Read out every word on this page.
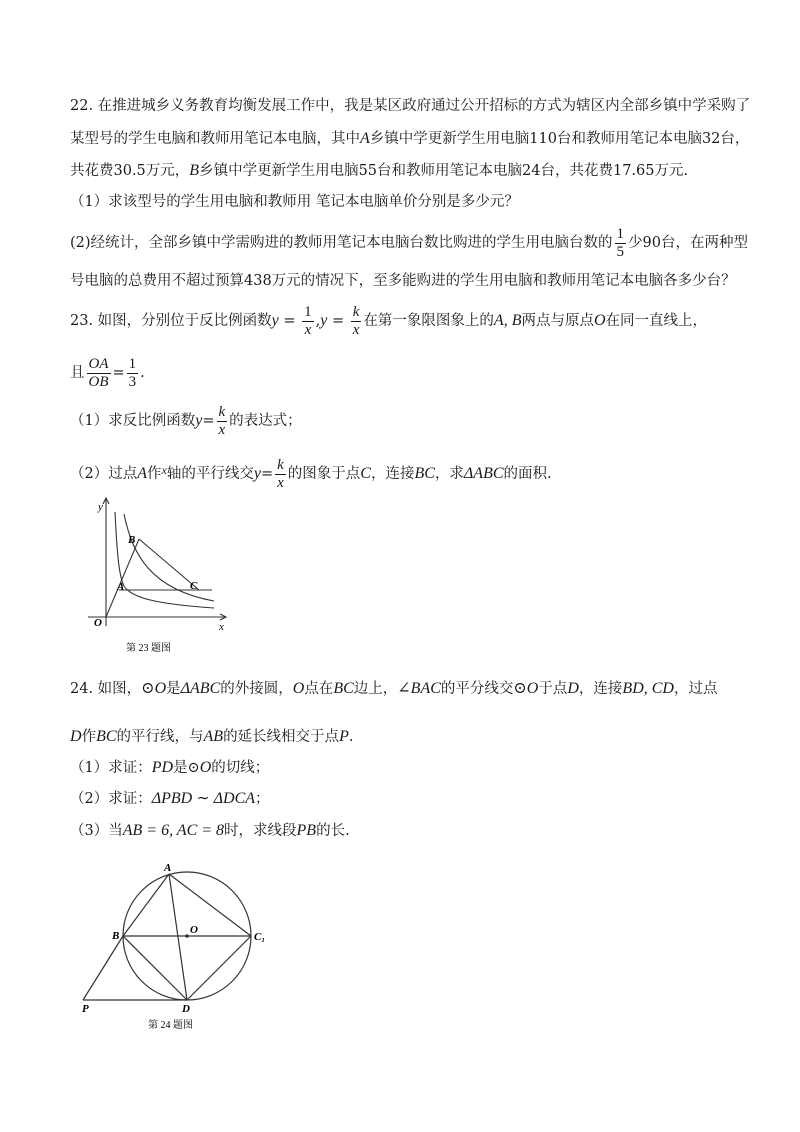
22. 在推进城乡义务教育均衡发展工作中，我是某区政府通过公开招标的方式为辖区内全部乡镇中学采购了
某型号的学生电脑和教师用笔记本电脑，其中A乡镇中学更新学生用电脑110台和教师用笔记本电脑32台，
共花费30.5万元，B乡镇中学更新学生用电脑55台和教师用笔记本电脑24台，共花费17.65万元.
（1）求该型号的学生用电脑和教师用 笔记本电脑单价分别是多少元？
(2)经统计，全部乡镇中学需购进的教师用笔记本电脑台数比购进的学生用电脑台数的 $\frac{1}{5}$ 少90台，在两种型
号电脑的总费用不超过预算438万元的情况下，至多能购进的学生用电脑和教师用笔记本电脑各多少台？
23. 如图，分别位于反比例函数$y = \frac{1}{x} ,y = \frac{k}{x}$ 在第一象限图象上的A, B两点与原点O在同一直线上，
且 $\frac{OA}{OB} = \frac{1}{3}$ .
（1）求反比例函数$y= \frac{k}{x}$ 的表达式；
（2）过点A作$^x$轴的平行线交$y= \frac{k}{x}$ 的图象于点C，连接BC，求ΔABC的面积.
y
B
A	C
O	x
第 23 题图
24. 如图，⊙O是ΔABC的外接圆，O点在BC边上，∠BAC的平分线交⊙O于点D，连接BD, CD，过点
D作BC的平行线，与AB的延长线相交于点P.
（1）求证：PD是⊙O的切线；
（2）求证：ΔPBD ∼ ΔDCA；
（3）当AB = 6, AC = 8时，求线段PB的长.
A
B	O
C₁
P	D
第 24 题图
